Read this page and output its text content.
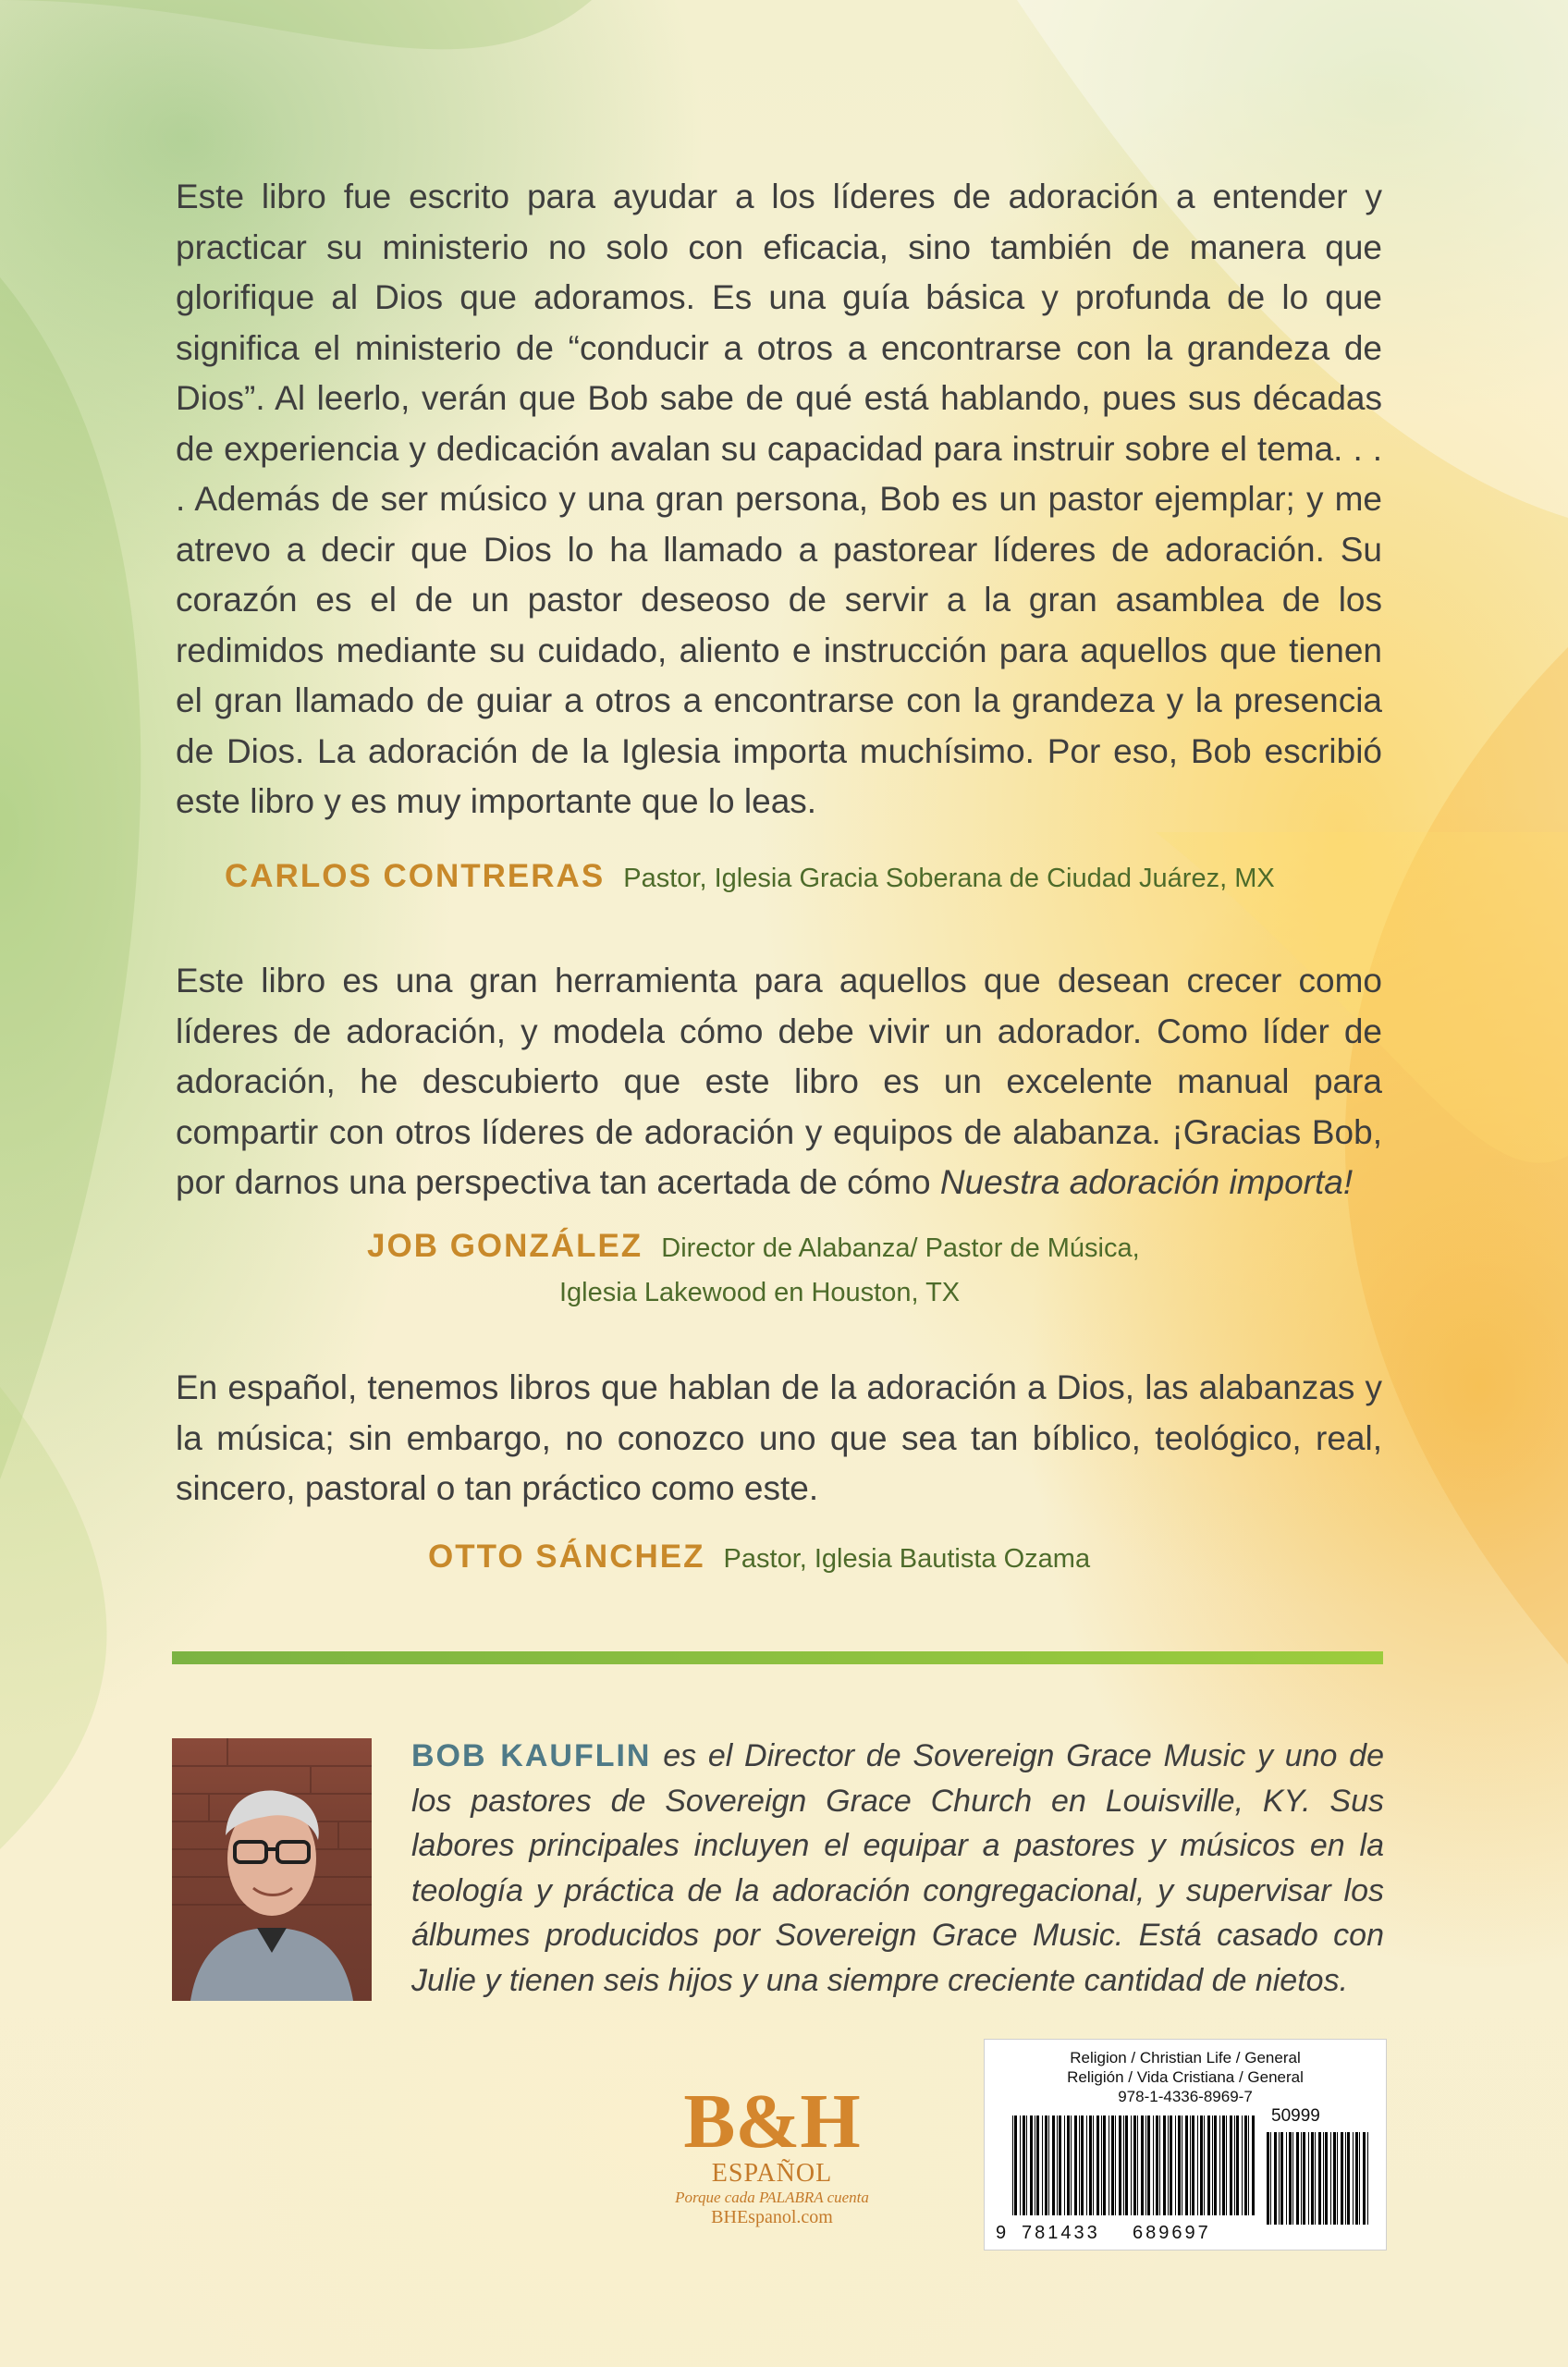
Este libro fue escrito para ayudar a los líderes de adoración a entender y practicar su ministerio no solo con eficacia, sino también de manera que glorifique al Dios que adoramos. Es una guía básica y profunda de lo que significa el ministerio de “conducir a otros a encontrarse con la grandeza de Dios”. Al leerlo, verán que Bob sabe de qué está hablando, pues sus décadas de experiencia y dedicación avalan su capacidad para instruir sobre el tema. . . . Además de ser músico y una gran persona, Bob es un pastor ejemplar; y me atrevo a decir que Dios lo ha llamado a pastorear líderes de adoración. Su corazón es el de un pastor deseoso de servir a la gran asamblea de los redimidos mediante su cuidado, aliento e instrucción para aquellos que tienen el gran llamado de guiar a otros a encontrarse con la grandeza y la presencia de Dios. La adoración de la Iglesia importa muchísimo. Por eso, Bob escribió este libro y es muy importante que lo leas.
CARLOS CONTRERAS Pastor, Iglesia Gracia Soberana de Ciudad Juárez, MX
Este libro es una gran herramienta para aquellos que desean crecer como líderes de adoración, y modela cómo debe vivir un adorador. Como líder de adoración, he descubierto que este libro es un excelente manual para compartir con otros líderes de adoración y equipos de alabanza. ¡Gracias Bob, por darnos una perspectiva tan acertada de cómo Nuestra adoración importa!
JOB GONZÁLEZ Director de Alabanza/ Pastor de Música,
Iglesia Lakewood en Houston, TX
En español, tenemos libros que hablan de la adoración a Dios, las alabanzas y la música; sin embargo, no conozco uno que sea tan bíblico, teológico, real, sincero, pastoral o tan práctico como este.
OTTO SÁNCHEZ Pastor, Iglesia Bautista Ozama
BOB KAUFLIN es el Director de Sovereign Grace Music y uno de los pastores de Sovereign Grace Church en Louisville, KY. Sus labores principales incluyen el equipar a pastores y músicos en la teología y práctica de la adoración congregacional, y supervisar los álbumes producidos por Sovereign Grace Music. Está casado con Julie y tienen seis hijos y una siempre creciente cantidad de nietos.
B&H
ESPAÑOL
Porque cada PALABRA cuenta
BHEspanol.com
Religion / Christian Life / General
Religión / Vida Cristiana / General
978-1-4336-8969-7
50999
9 781433 689697
